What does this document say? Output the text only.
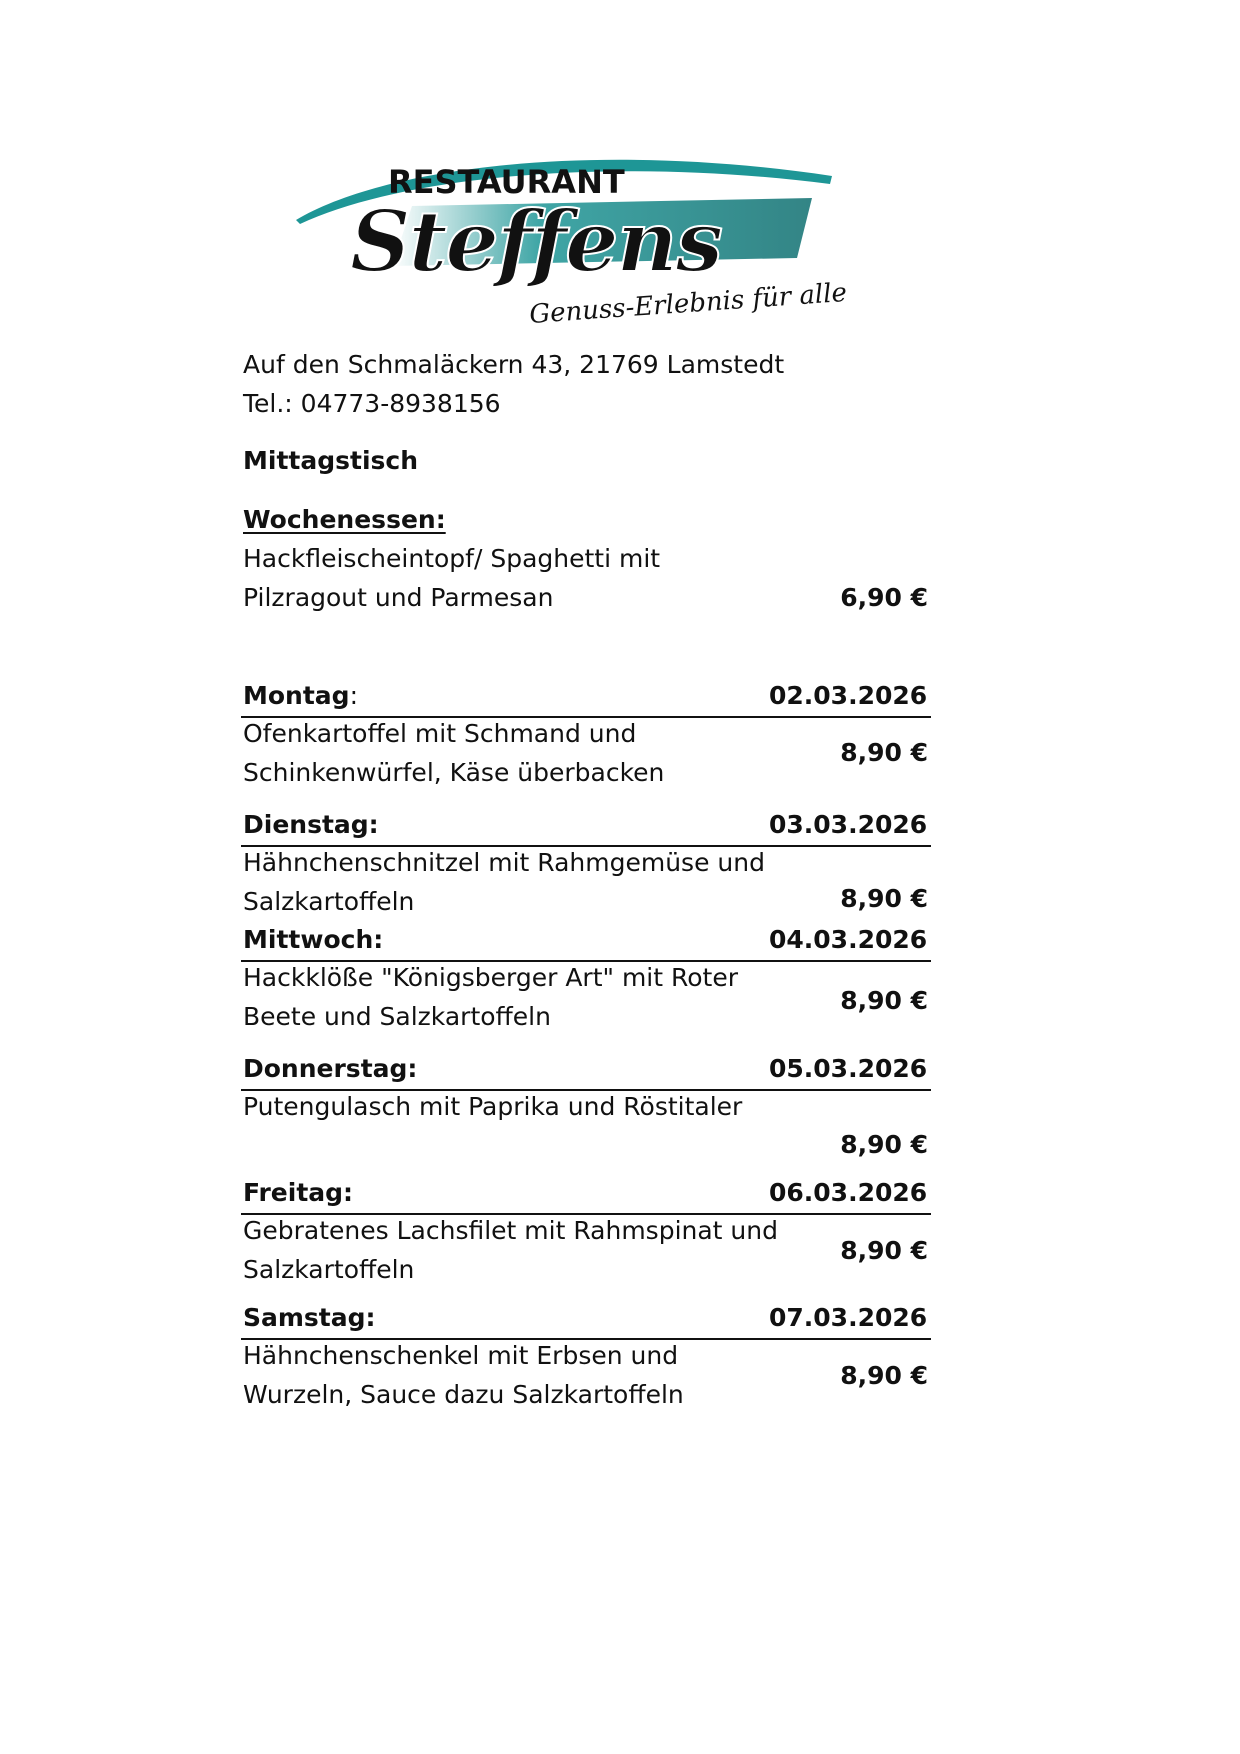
RESTAURANT
Steffens
Genuss-Erlebnis für alle
Auf den Schmaläckern 43, 21769 Lamstedt
Tel.: 04773-8938156
Mittagstisch
Wochenessen:
Hackfleischeintopf/ Spaghetti mit
Pilzragout und Parmesan	6,90 €
Montag:	02.03.2026
Ofenkartoffel mit Schmand und
Schinkenwürfel, Käse überbacken
8,90 €
Dienstag:	03.03.2026
Hähnchenschnitzel mit Rahmgemüse und
Salzkartoffeln	8,90 €
Mittwoch:	04.03.2026
Hackklöße "Königsberger Art" mit Roter
Beete und Salzkartoffeln
8,90 €
Donnerstag:	05.03.2026
Putengulasch mit Paprika und Röstitaler
8,90 €
Freitag:	06.03.2026
Gebratenes Lachsfilet mit Rahmspinat und
Salzkartoffeln
8,90 €
Samstag:	07.03.2026
Hähnchenschenkel mit Erbsen und
Wurzeln, Sauce dazu Salzkartoffeln
8,90 €
